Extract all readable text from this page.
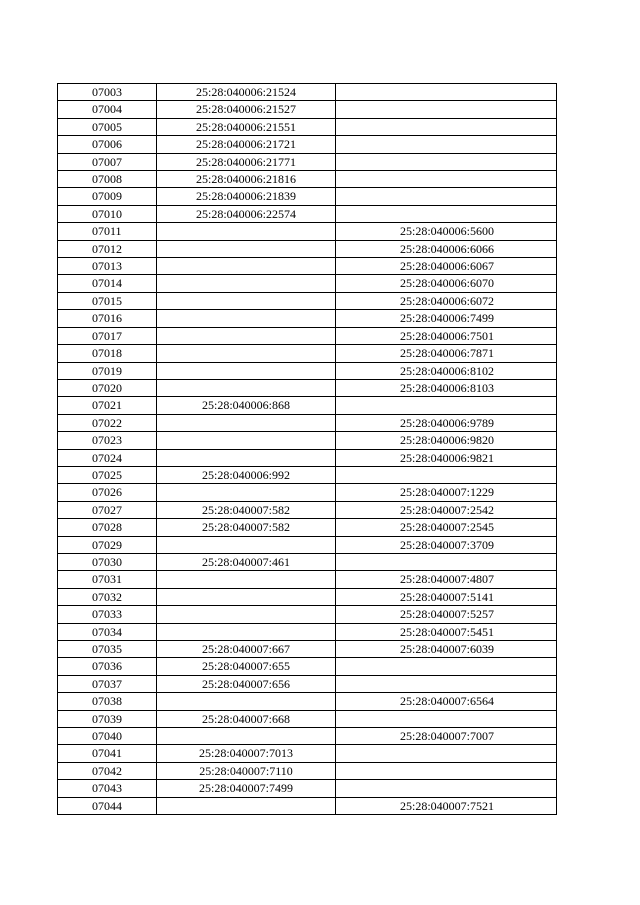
07003	25:28:040006:21524	
07004	25:28:040006:21527	
07005	25:28:040006:21551	
07006	25:28:040006:21721	
07007	25:28:040006:21771	
07008	25:28:040006:21816	
07009	25:28:040006:21839	
07010	25:28:040006:22574	
07011		25:28:040006:5600
07012		25:28:040006:6066
07013		25:28:040006:6067
07014		25:28:040006:6070
07015		25:28:040006:6072
07016		25:28:040006:7499
07017		25:28:040006:7501
07018		25:28:040006:7871
07019		25:28:040006:8102
07020		25:28:040006:8103
07021	25:28:040006:868	
07022		25:28:040006:9789
07023		25:28:040006:9820
07024		25:28:040006:9821
07025	25:28:040006:992	
07026		25:28:040007:1229
07027	25:28:040007:582	25:28:040007:2542
07028	25:28:040007:582	25:28:040007:2545
07029		25:28:040007:3709
07030	25:28:040007:461	
07031		25:28:040007:4807
07032		25:28:040007:5141
07033		25:28:040007:5257
07034		25:28:040007:5451
07035	25:28:040007:667	25:28:040007:6039
07036	25:28:040007:655	
07037	25:28:040007:656	
07038		25:28:040007:6564
07039	25:28:040007:668	
07040		25:28:040007:7007
07041	25:28:040007:7013	
07042	25:28:040007:7110	
07043	25:28:040007:7499	
07044		25:28:040007:7521
